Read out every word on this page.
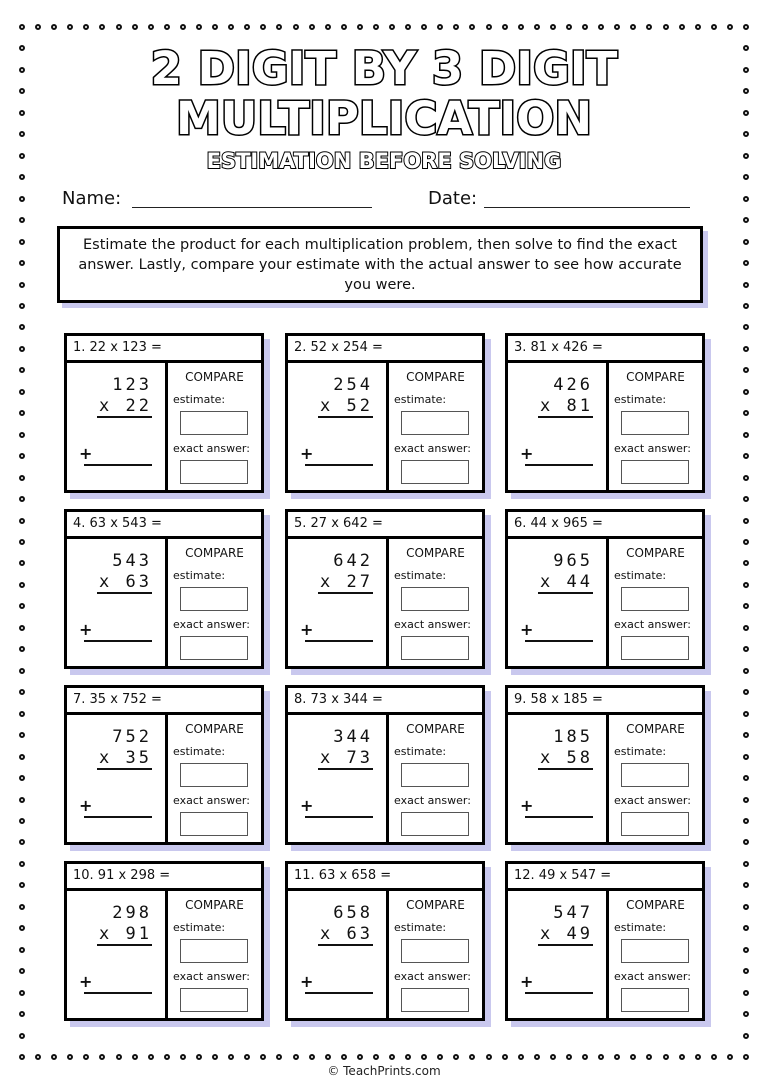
2 DIGIT BY 3 DIGIT
MULTIPLICATION
ESTIMATION BEFORE SOLVING
Name:	Date:
Estimate the product for each multiplication problem, then solve to find the exact answer. Lastly, compare your estimate with the actual answer to see how accurate you were.
1. 22 x 123 =
123
x 22
+
COMPARE
estimate:
exact answer:
2. 52 x 254 =
254
x 52
+
COMPARE
estimate:
exact answer:
3. 81 x 426 =
426
x 81
+
COMPARE
estimate:
exact answer:
4. 63 x 543 =
543
x 63
+
COMPARE
estimate:
exact answer:
5. 27 x 642 =
642
x 27
+
COMPARE
estimate:
exact answer:
6. 44 x 965 =
965
x 44
+
COMPARE
estimate:
exact answer:
7. 35 x 752 =
752
x 35
+
COMPARE
estimate:
exact answer:
8. 73 x 344 =
344
x 73
+
COMPARE
estimate:
exact answer:
9. 58 x 185 =
185
x 58
+
COMPARE
estimate:
exact answer:
10. 91 x 298 =
298
x 91
+
COMPARE
estimate:
exact answer:
11. 63 x 658 =
658
x 63
+
COMPARE
estimate:
exact answer:
12. 49 x 547 =
547
x 49
+
COMPARE
estimate:
exact answer:
© TeachPrints.com
